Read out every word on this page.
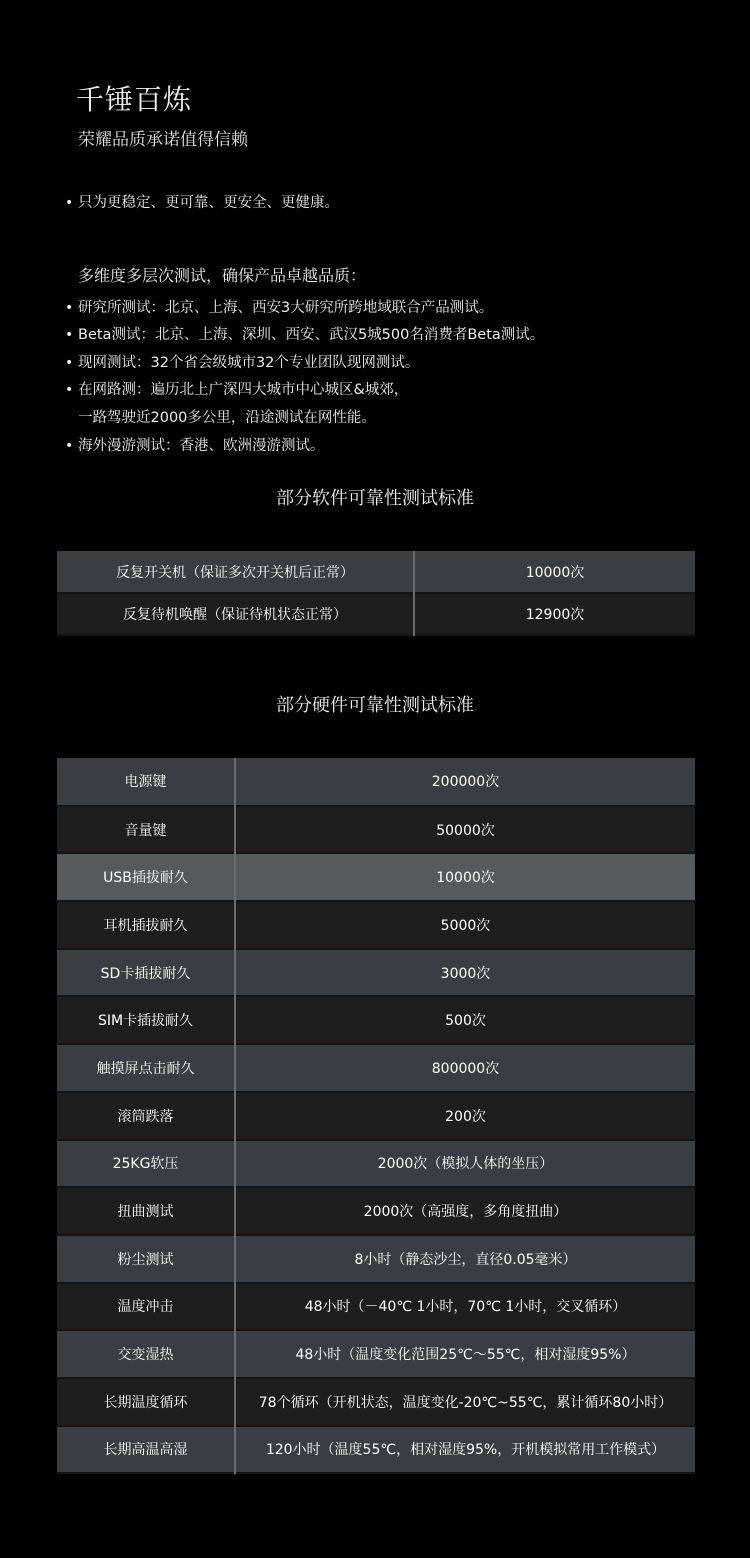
千锤百炼

荣耀品质承诺值得信赖

• 只为更稳定、更可靠、更安全、更健康。
多维度多层次测试，确保产品卓越品质：
• 研究所测试：北京、上海、西安3大研究所跨地域联合产品测试。
• Beta测试：北京、上海、深圳、西安、武汉5城500名消费者Beta测试。
• 现网测试：32个省会级城市32个专业团队现网测试。
• 在网路测：遍历北上广深四大城市中心城区&城郊，
一路驾驶近2000多公里，沿途测试在网性能。
• 海外漫游测试：香港、欧洲漫游测试。
部分软件可靠性测试标准
反复开关机（保证多次开关机后正常）	10000次
反复待机唤醒（保证待机状态正常）	12900次
部分硬件可靠性测试标准
电源键	200000次
音量键	50000次
USB插拔耐久	10000次
耳机插拔耐久	5000次
SD卡插拔耐久	3000次
SIM卡插拔耐久	500次
触摸屏点击耐久	800000次
滚筒跌落	200次
25KG软压	2000次（模拟人体的坐压）
扭曲测试	2000次（高强度，多角度扭曲）
粉尘测试	8小时（静态沙尘，直径0.05毫米）
温度冲击	48小时（－40℃ 1小时，70℃ 1小时，交叉循环）
交变湿热	48小时（温度变化范围25℃～55℃，相对湿度95%）
长期温度循环	78个循环（开机状态，温度变化-20℃~55℃，累计循环80小时）
长期高温高湿	120小时（温度55℃，相对湿度95%，开机模拟常用工作模式）
